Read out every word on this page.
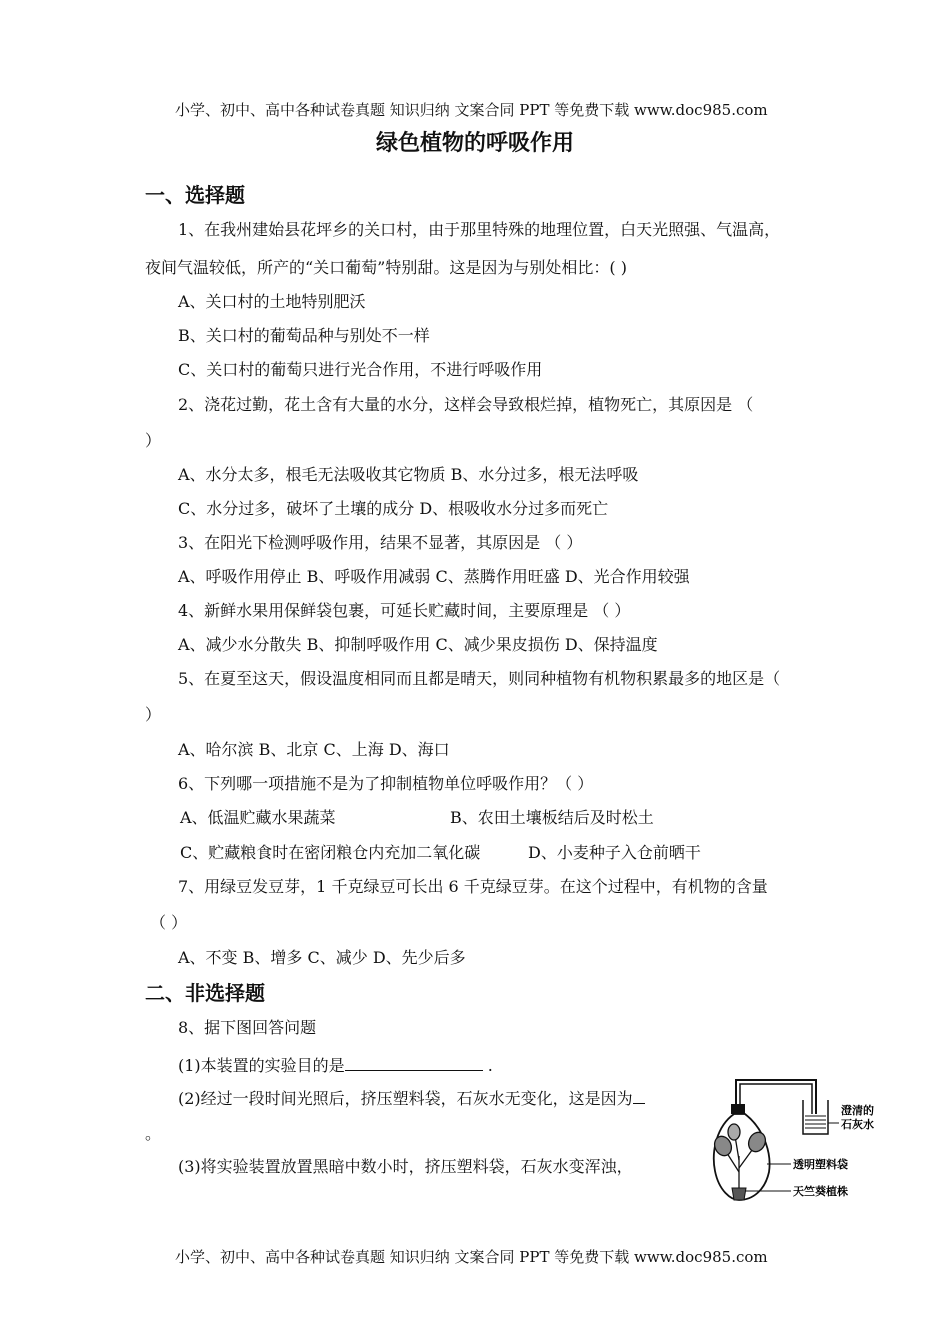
小学、初中、高中各种试卷真题 知识归纳 文案合同 PPT 等免费下载 www.doc985.com
绿色植物的呼吸作用
一、选择题
1、在我州建始县花坪乡的关口村，由于那里特殊的地理位置，白天光照强、气温高，
夜间气温较低，所产的“关口葡萄”特别甜。这是因为与别处相比：( )
A、关口村的土地特别肥沃
B、关口村的葡萄品种与别处不一样
C、关口村的葡萄只进行光合作用，不进行呼吸作用
2、浇花过勤，花土含有大量的水分，这样会导致根烂掉，植物死亡，其原因是 （
）
A、水分太多，根毛无法吸收其它物质 B、水分过多，根无法呼吸
C、水分过多，破坏了土壤的成分 D、根吸收水分过多而死亡
3、在阳光下检测呼吸作用，结果不显著，其原因是 （ ）
A、呼吸作用停止 B、呼吸作用减弱 C、蒸腾作用旺盛 D、光合作用较强
4、新鲜水果用保鲜袋包裹，可延长贮藏时间，主要原理是 （ ）
A、减少水分散失 B、抑制呼吸作用 C、减少果皮损伤 D、保持温度
5、在夏至这天，假设温度相同而且都是晴天，则同种植物有机物积累最多的地区是（
）
A、哈尔滨 B、北京 C、上海 D、海口
6、下列哪一项措施不是为了抑制植物单位呼吸作用？（ ）
A、低温贮藏水果蔬菜	B、农田土壤板结后及时松土
C、贮藏粮食时在密闭粮仓内充加二氧化碳	D、小麦种子入仓前晒干
7、用绿豆发豆芽，1 千克绿豆可长出 6 千克绿豆芽。在这个过程中，有机物的含量
（ ）
A、不变 B、增多 C、减少 D、先少后多
二、非选择题
8、据下图回答问题
(1)本装置的实验目的是	.
(2)经过一段时间光照后，挤压塑料袋，石灰水无变化，这是因为
。
(3)将实验装置放置黑暗中数小时，挤压塑料袋，石灰水变浑浊，
澄清的
石灰水
透明塑料袋
天竺葵植株
小学、初中、高中各种试卷真题 知识归纳 文案合同 PPT 等免费下载 www.doc985.com
